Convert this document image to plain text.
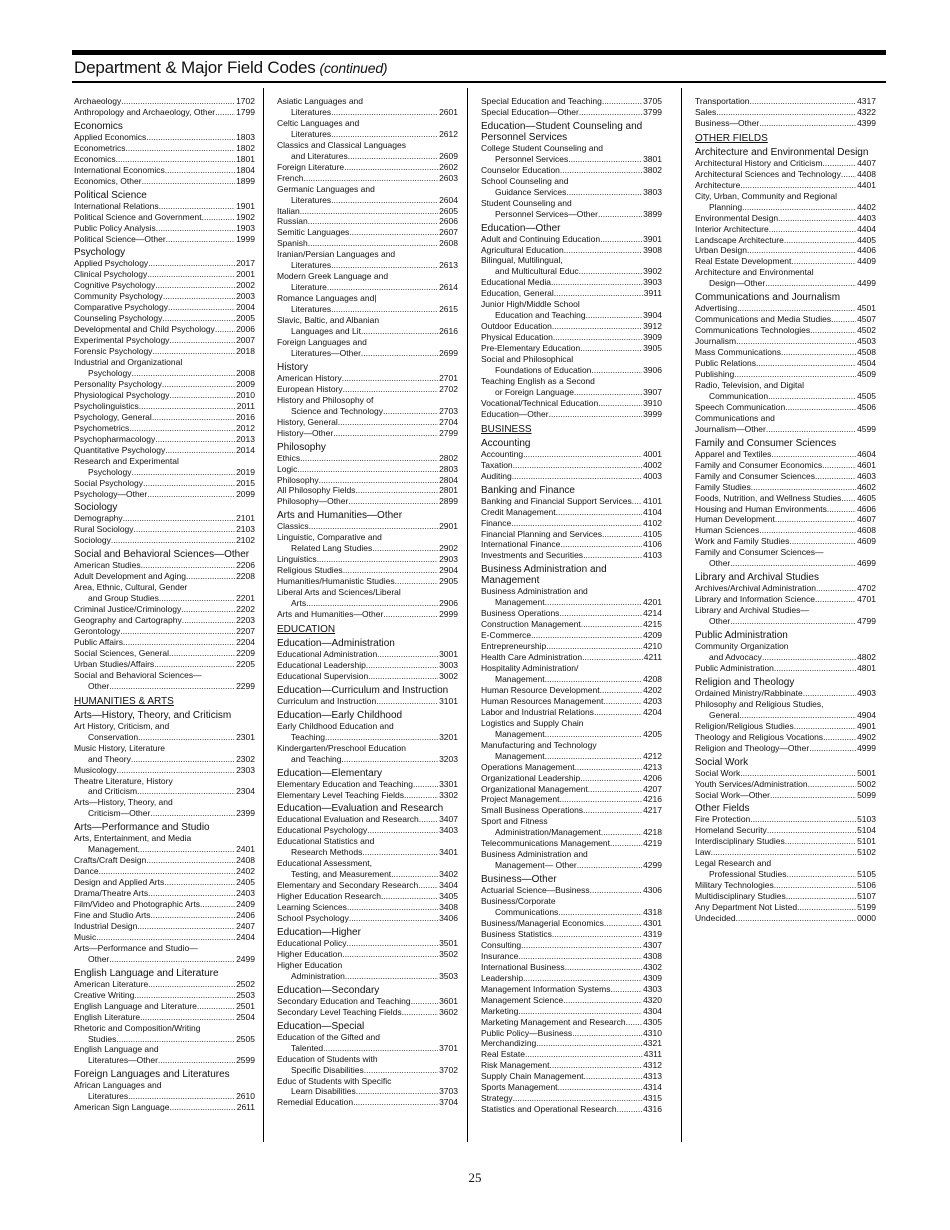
Department & Major Field Codes (continued)
Archaeology .....	1702
Anthropology and Archaeology, Other ..... 1799
Economics
Applied Economics .....	1803
Econometrics .....	1802
Economics .....	1801
International Economics .....	1804
Economics, Other .....	1899
Political Science
International Relations .....	1901
Political Science and Government .....	1902
Public Policy Analysis .....	1903
Political Science—Other .....	1999
Psychology
Applied Psychology .....	2017
Clinical Psychology .....	2001
Cognitive Psychology .....	2002
Community Psychology .....	2003
Comparative Psychology .....	2004
Counseling Psychology .....	2005
Developmental and Child Psychology .....	2006
Experimental Psychology .....	2007
Forensic Psychology .....	2018
Industrial and Organizational
Psychology .....	2008
Personality Psychology .....	2009
Physiological Psychology .....	2010
Psycholinguistics .....	2011
Psychology, General .....	2016
Psychometrics .....	2012
Psychopharmacology .....	2013
Quantitative Psychology .....	2014
Research and Experimental
Psychology .....	2019
Social Psychology .....	2015
Psychology—Other .....	2099
Sociology
Demography .....	2101
Rural Sociology .....	2103
Sociology .....	2102
Social and Behavioral Sciences—Other
American Studies .....	2206
Adult Development and Aging .....	2208
Area, Ethnic, Cultural, Gender
and Group Studies .....	2201
Criminal Justice/Criminology .....	2202
Geography and Cartography .....	2203
Gerontology .....	2207
Public Affairs .....	2204
Social Sciences, General .....	2209
Urban Studies/Affairs .....	2205
Social and Behavioral Sciences—
Other .....	2299
HUMANITIES & ARTS
Arts—History, Theory, and Criticism
Art History, Criticism, and
Conservation .....	2301
Music History, Literature
and Theory .....	2302
Musicology .....	2303
Theatre Literature, History
and Criticism .....	2304
Arts—History, Theory, and
Criticism—Other .....	2399
Arts—Performance and Studio
Arts, Entertainment, and Media
Management .....	2401
Crafts/Craft Design .....	2408
Dance .....	2402
Design and Applied Arts .....	2405
Drama/Theatre Arts .....	2403
Film/Video and Photographic Arts .....	2409
Fine and Studio Arts .....	2406
Industrial Design .....	2407
Music .....	2404
Arts—Performance and Studio—
Other .....	2499
English Language and Literature
American Literature .....	2502
Creative Writing .....	2503
English Language and Literature .....	2501
English Literature .....	2504
Rhetoric and Composition/Writing
Studies .....	2505
English Language and
Literatures—Other .....	2599
Foreign Languages and Literatures
African Languages and
Literatures .....	2610
American Sign Language .....	2611
Asiatic Languages and
Literatures .....	2601
Celtic Languages and
Literatures .....	2612
Classics and Classical Languages
and Literatures .....	2609
Foreign Literature .....	2602
French .....	2603
Germanic Languages and
Literatures .....	2604
Italian .....	2605
Russian .....	2606
Semitic Languages .....	2607
Spanish .....	2608
Iranian/Persian Languages and
Literatures .....	2613
Modern Greek Language and
Literature .....	2614
Romance Languages and|
Literatures .....	2615
Slavic, Baltic, and Albanian
Languages and Lit .....	2616
Foreign Languages and
Literatures—Other .....	2699
History
American History .....	2701
European History .....	2702
History and Philosophy of
Science and Technology .....	2703
History, General .....	2704
History—Other .....	2799
Philosophy
Ethics .....	2802
Logic .....	2803
Philosophy .....	2804
All Philosophy Fields .....	2801
Philosophy—Other .....	2899
Arts and Humanities—Other
Classics .....	2901
Linguistic, Comparative and
Related Lang Studies .....	2902
Linguistics .....	2903
Religious Studies .....	2904
Humanities/Humanistic Studies .....	2905
Liberal Arts and Sciences/Liberal
Arts .....	2906
Arts and Humanities—Other .....	2999
EDUCATION
Education—Administration
Educational Administration .....	3001
Educational Leadership .....	3003
Educational Supervision .....	3002
Education—Curriculum and Instruction
Curriculum and Instruction .....	3101
Education—Early Childhood
Early Childhood Education and
Teaching .....	3201
Kindergarten/Preschool Education
and Teaching .....	3203
Education—Elementary
Elementary Education and Teaching .....	3301
Elementary Level Teaching Fields .....	3302
Education—Evaluation and Research
Educational Evaluation and Research ..... 3407
Educational Psychology .....	3403
Educational Statistics and
Research Methods .....	3401
Educational Assessment,
Testing, and Measurement .....	3402
Elementary and Secondary Research ..... 3404
Higher Education Research .....	3405
Learning Sciences .....	3408
School Psychology .....	3406
Education—Higher
Educational Policy .....	3501
Higher Education .....	3502
Higher Education
Administration .....	3503
Education—Secondary
Secondary Education and Teaching .....	3601
Secondary Level Teaching Fields .....	3602
Education—Special
Education of the Gifted and
Talented .....	3701
Education of Students with
Specific Disabilities .....	3702
Educ of Students with Specific
Learn Disabilities .....	3703
Remedial Education .....	3704
Special Education and Teaching .....	3705
Special Education—Other .....	3799
Education—Student Counseling and
Personnel Services
College Student Counseling and
Personnel Services .....	3801
Counselor Education .....	3802
School Counseling and
Guidance Services .....	3803
Student Counseling and
Personnel Services—Other .....	3899
Education—Other
Adult and Continuing Education .....	3901
Agricultural Education .....	3908
Bilingual, Multilingual,
and Multicultural Educ .....	3902
Educational Media .....	3903
Education, General .....	3911
Junior High/Middle School
Education and Teaching .....	3904
Outdoor Education .....	3912
Physical Education .....	3909
Pre-Elementary Education .....	3905
Social and Philosophical
Foundations of Education .....	3906
Teaching English as a Second
or Foreign Language .....	3907
Vocational/Technical Education .....	3910
Education—Other .....	3999
BUSINESS
Accounting
Accounting .....	4001
Taxation .....	4002
Auditing .....	4003
Banking and Finance
Banking and Financial Support Services ..... 4101
Credit Management .....	4104
Finance .....	4102
Financial Planning and Services .....	4105
International Finance .....	4106
Investments and Securities .....	4103
Business Administration and
Management
Business Administration and
Management .....	4201
Business Operations .....	4214
Construction Management .....	4215
E-Commerce .....	4209
Entrepreneurship .....	4210
Health Care Administration .....	4211
Hospitality Administration/
Management .....	4208
Human Resource Development .....	4202
Human Resources Management .....	4203
Labor and Industrial Relations .....	4204
Logistics and Supply Chain
Management .....	4205
Manufacturing and Technology
Management .....	4212
Operations Management .....	4213
Organizational Leadership .....	4206
Organizational Management .....	4207
Project Management .....	4216
Small Business Operations .....	4217
Sport and Fitness
Administration/Management .....	4218
Telecommunications Management .....	4219
Business Administration and
Management— Other .....	4299
Business—Other
Actuarial Science—Business .....	4306
Business/Corporate
Communications .....	4318
Business/Managerial Economics .....	4301
Business Statistics .....	4319
Consulting .....	4307
Insurance .....	4308
International Business .....	4302
Leadership .....	4309
Management Information Systems .....	4303
Management Science .....	4320
Marketing .....	4304
Marketing Management and Research ..... 4305
Public Policy—Business .....	4310
Merchandizing .....	4321
Real Estate .....	4311
Risk Management .....	4312
Supply Chain Management .....	4313
Sports Management .....	4314
Strategy .....	4315
Statistics and Operational Research .....	4316
Transportation .....	4317
Sales .....	4322
Business—Other .....	4399
OTHER FIELDS
Architecture and Environmental Design
Architectural History and Criticism .....	4407
Architectural Sciences and Technology ..... 4408
Architecture .....	4401
City, Urban, Community and Regional
Planning .....	4402
Environmental Design .....	4403
Interior Architecture .....	4404
Landscape Architecture .....	4405
Urban Design .....	4406
Real Estate Development .....	4409
Architecture and Environmental
Design—Other .....	4499
Communications and Journalism
Advertising .....	4501
Communications and Media Studies .....	4507
Communications Technologies .....	4502
Journalism .....	4503
Mass Communications .....	4508
Public Relations .....	4504
Publishing .....	4509
Radio, Television, and Digital
Communication .....	4505
Speech Communication .....	4506
Communications and
Journalism—Other .....	4599
Family and Consumer Sciences
Apparel and Textiles .....	4604
Family and Consumer Economics .....	4601
Family and Consumer Sciences .....	4603
Family Studies .....	4602
Foods, Nutrition, and Wellness Studies ..... 4605
Housing and Human Environments .....	4606
Human Development .....	4607
Human Sciences .....	4608
Work and Family Studies .....	4609
Family and Consumer Sciences—
Other .....	4699
Library and Archival Studies
Archives/Archival Administration .....	4702
Library and Information Science .....	4701
Library and Archival Studies—
Other .....	4799
Public Administration
Community Organization
and Advocacy .....	4802
Public Administration .....	4801
Religion and Theology
Ordained Ministry/Rabbinate .....	4903
Philosophy and Religious Studies,
General .....	4904
Religion/Religious Studies .....	4901
Theology and Religious Vocations .....	4902
Religion and Theology—Other .....	4999
Social Work
Social Work .....	5001
Youth Services/Administration .....	5002
Social Work—Other .....	5099
Other Fields
Fire Protection .....	5103
Homeland Security .....	5104
Interdisciplinary Studies .....	5101
Law .....	5102
Legal Research and
Professional Studies .....	5105
Military Technologies .....	5106
Multidisciplinary Studies .....	5107
Any Department Not Listed .....	5199
Undecided .....	0000
25
